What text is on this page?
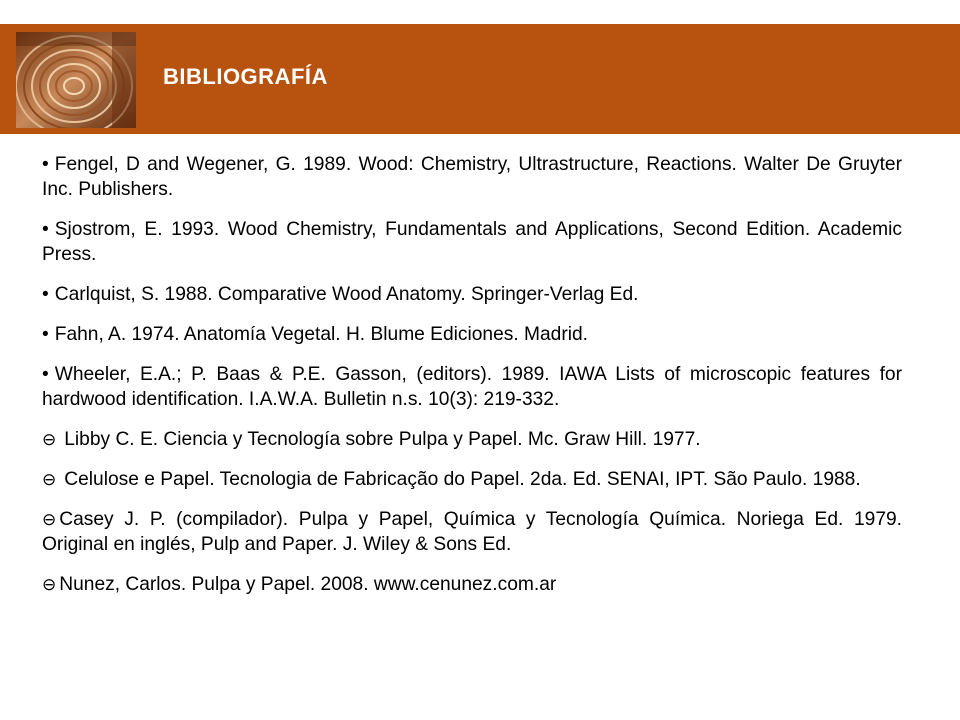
BIBLIOGRAFÍA
• Fengel, D and Wegener, G. 1989. Wood: Chemistry, Ultrastructure, Reactions. Walter De Gruyter Inc. Publishers.
• Sjostrom, E. 1993. Wood Chemistry, Fundamentals and Applications, Second Edition. Academic Press.
• Carlquist, S. 1988. Comparative Wood Anatomy. Springer-Verlag Ed.
• Fahn, A. 1974. Anatomía Vegetal. H. Blume Ediciones. Madrid.
• Wheeler, E.A.; P. Baas & P.E. Gasson, (editors). 1989. IAWA Lists of microscopic features for hardwood identification. I.A.W.A. Bulletin n.s. 10(3): 219-332.
⊖ Libby C. E. Ciencia y Tecnología sobre Pulpa y Papel. Mc. Graw Hill. 1977.
⊖ Celulose e Papel. Tecnologia de Fabricação do Papel. 2da. Ed. SENAI, IPT. São Paulo. 1988.
⊖ Casey J. P. (compilador). Pulpa y Papel, Química y Tecnología Química. Noriega Ed. 1979. Original en inglés, Pulp and Paper. J. Wiley & Sons Ed.
⊖ Nunez, Carlos. Pulpa y Papel. 2008. www.cenunez.com.ar
